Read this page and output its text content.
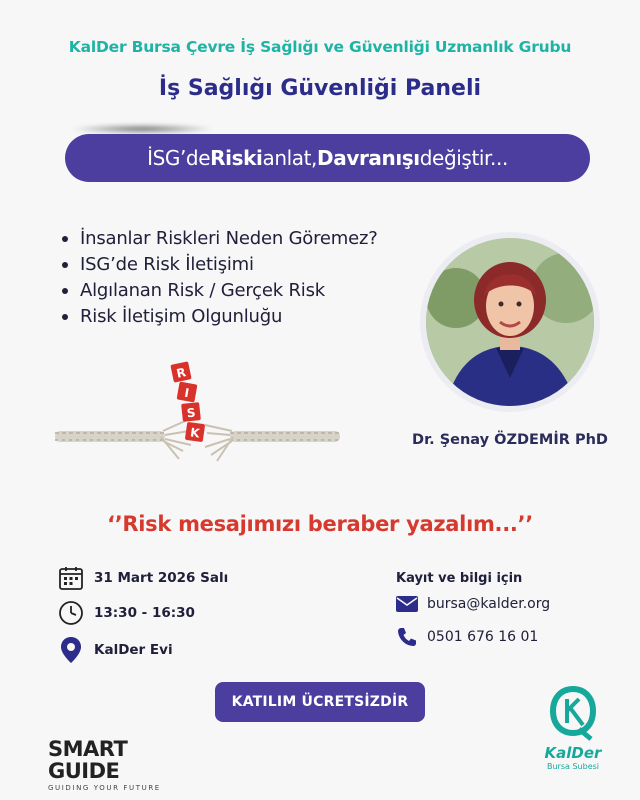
KalDer Bursa Çevre İş Sağlığı ve Güvenliği Uzmanlık Grubu
İş Sağlığı Güvenliği Paneli
İSG’de Riski anlat, Davranışı değiştir...
İnsanlar Riskleri Neden Göremez?
ISG’de Risk İletişimi
Algılanan Risk / Gerçek Risk
Risk İletişim Olgunluğu
Dr. Şenay ÖZDEMİR PhD
R
I
S
K
‘’Risk mesajımızı beraber yazalım...’’
31 Mart 2026 Salı
13:30 - 16:30
KalDer Evi
Kayıt ve bilgi için
bursa@kalder.org
0501 676 16 01
KATILIM ÜCRETSİZDİR
SMART GUIDE
GUIDING YOUR FUTURE
KalDer
Bursa Subesi
